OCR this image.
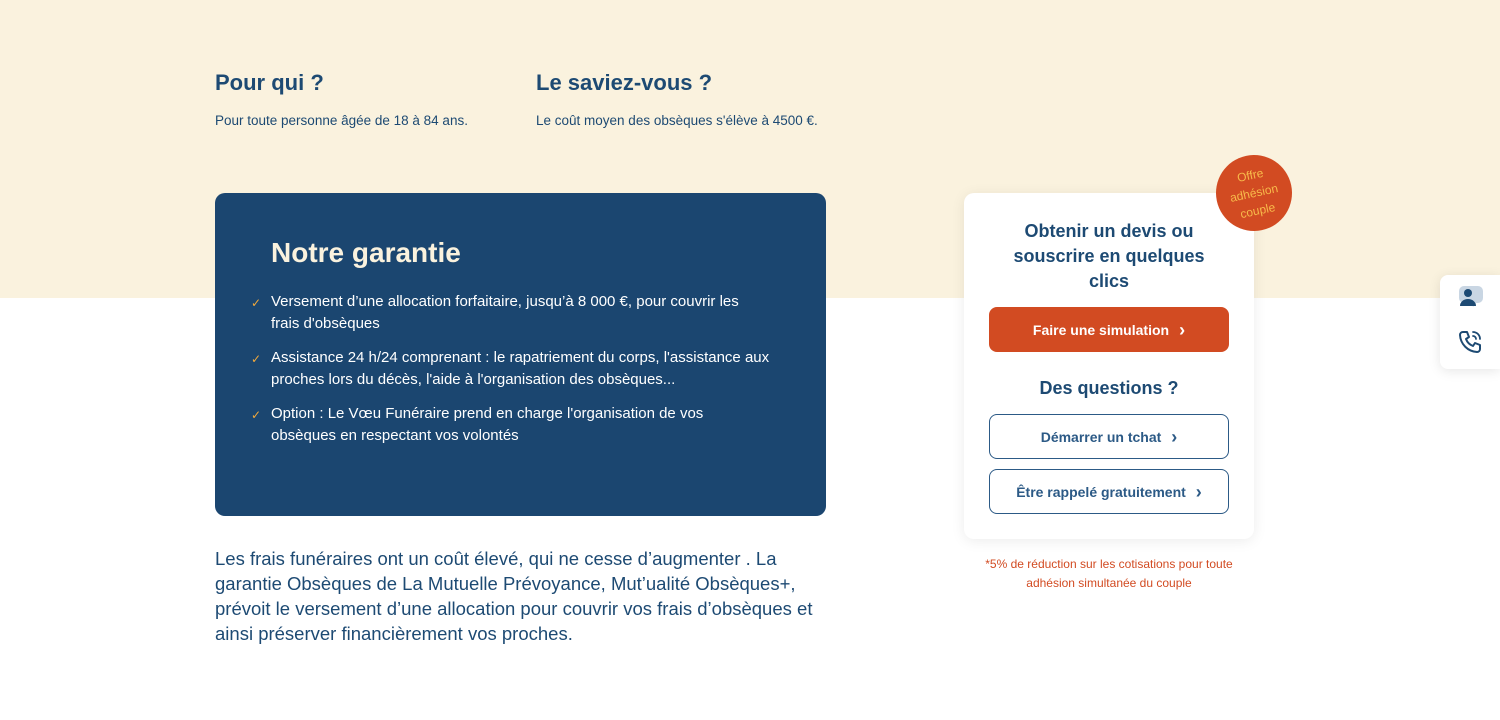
Pour qui ?

Pour toute personne âgée de 18 à 84 ans.

Le saviez-vous ?

Le coût moyen des obsèques s'élève à 4500 €.

Notre garantie
✓ Versement d’une allocation forfaitaire, jusqu’à 8 000 €, pour couvrir les frais d'obsèques
✓ Assistance 24 h/24 comprenant : le rapatriement du corps, l'assistance aux proches lors du décès, l'aide à l'organisation des obsèques...
✓ Option : Le Vœu Funéraire prend en charge l'organisation de vos obsèques en respectant vos volontés

Les frais funéraires ont un coût élevé, qui ne cesse d’augmenter . La garantie Obsèques de La Mutuelle Prévoyance, Mut’ualité Obsèques+, prévoit le versement d’une allocation pour couvrir vos frais d’obsèques et ainsi préserver financièrement vos proches.

Obtenir un devis ou souscrire en quelques clics
Faire une simulation ›
Des questions ?
Démarrer un tchat ›
Être rappelé gratuitement ›
Offre
adhésion
couple

*5% de réduction sur les cotisations pour toute adhésion simultanée du couple
